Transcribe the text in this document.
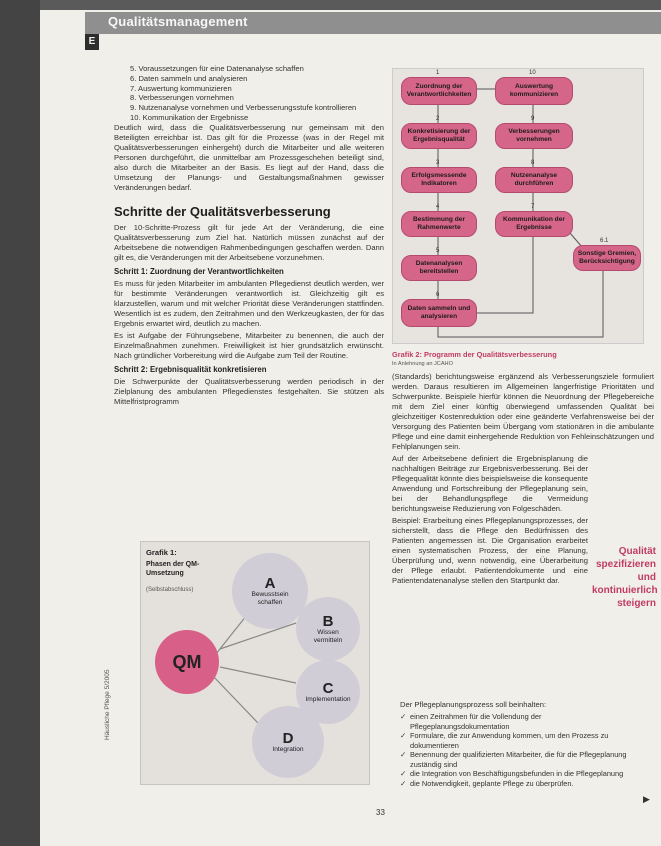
Qualitätsmanagement
E
5. Voraussetzungen für eine Datenanalyse schaffen
6. Daten sammeln und analysieren
7. Auswertung kommunizieren
8. Verbesserungen vornehmen
9. Nutzenanalyse vornehmen und Verbesserungsstufe kontrollieren
10. Kommunikation der Ergebnisse

Deutlich wird, dass die Qualitätsverbesserung nur gemeinsam mit den Beteiligten erreichbar ist. Das gilt für die Prozesse (was in der Regel mit Qualitätsverbesserungen einhergeht) durch die Mitarbeiter und alle weiteren Personen durchgeführt, die unmittelbar am Prozessgeschehen beteiligt sind, also durch die Mitarbeiter an der Basis. Es liegt auf der Hand, dass die Umsetzung der Planungs- und Gestaltungsmaßnahmen gewisser Veränderungen bedarf.

Schritte der Qualitätsverbesserung

Der 10-Schritte-Prozess gilt für jede Art der Veränderung, die eine Qualitätsverbesserung zum Ziel hat. Natürlich müssen zunächst auf der Arbeitsebene die notwendigen Rahmenbedingungen geschaffen werden. Dann gilt es, die Veränderungen mit der Arbeitsebene vorzunehmen.

Schritt 1: Zuordnung der Verantwortlichkeiten

Es muss für jeden Mitarbeiter im ambulanten Pflegedienst deutlich werden, wer für bestimmte Veränderungen verantwortlich ist. Gleichzeitig gilt es klarzustellen, warum und mit welcher Priorität diese Veränderungen stattfinden. Wesentlich ist es zudem, den Zeitrahmen und den Werkzeugkasten, der für das Ergebnis erwartet wird, deutlich zu machen.

Es ist Aufgabe der Führungsebene, Mitarbeiter zu benennen, die auch der Einzelmaßnahmen zunehmen. Freiwilligkeit ist hier grundsätzlich erwünscht. Nach gründlicher Vorbereitung wird die Aufgabe zum Teil der Routine.

Schritt 2: Ergebnisqualität konkretisieren

Die Schwerpunkte der Qualitätsverbesserung werden periodisch in der Zielplanung des ambulanten Pflegedienstes festgehalten. Sie stützen als Mittelfristprogramm

Zuordnung der Verantwortlichkeiten
Konkretisierung der Ergebnisqualität
Erfolgsmessende Indikatoren
Bestimmung der Rahmenwerte
Datenanalysen bereitstellen
Daten sammeln und analysieren
Auswertung kommunizieren
Verbesserungen vornehmen
Nutzenanalyse durchführen
Kommunikation der Ergebnisse
Sonstige Gremien, Berücksichtigung
1
2
3
4
5
6
10
9
8
7
6.1
Grafik 2: Programm der Qualitätsverbesserung
In Anlehnung an JCAHO

(Standards) berichtungsweise ergänzend als Verbesserungsziele formuliert werden. Daraus resultieren im Allgemeinen langerfristige Prioritäten und Schwerpunkte. Beispiele hierfür können die Neuordnung der Pflegebereiche mit dem Ziel einer künftig überwiegend umfassenden Qualität bei gleichzeitiger Kostenreduktion oder eine geänderte Verfahrensweise bei der Versorgung des Patienten beim Übergang vom stationären in die ambulante Pflege und eine damit einhergehende Reduktion von Fehleinschätzungen und Fehlplanungen sein.

Auf der Arbeitsebene definiert die Ergebnisplanung die nachhaltigen Beiträge zur Ergebnisverbesserung. Bei der Pflegequalität könnte dies beispielsweise die konsequente Anwendung und Fortschreibung der Pflegeplanung sein, bei der Behandlungspflege die Vermeidung berichtungsweise Reduzierung von Folgeschäden.

Beispiel: Erarbeitung eines Pflegeplanungsprozesses, der sicherstellt, dass die Pflege den Bedürfnissen des Patienten angemessen ist. Die Organisation erarbeitet einen systematischen Prozess, der eine Planung, Überprüfung und, wenn notwendig, eine Überarbeitung der Pflege erlaubt. Patientendokumente und eine Patientendatenanalyse stellen den Startpunkt dar.

Der Pflegeplanungsprozess soll beinhalten:

✓ einen Zeitrahmen für die Vollendung der Pflegeplanungsdokumentation
✓ Formulare, die zur Anwendung kommen, um den Prozess zu dokumentieren
✓ Benennung der qualifizierten Mitarbeiter, die für die Pflegeplanung zuständig sind
✓ die Integration von Beschäftigungsbefunden in die Pflegeplanung
✓ die Notwendigkeit, geplante Pflege zu überprüfen.
▶
Qualität spezifizieren und kontinuierlich steigern
Grafik 1:
Phasen der QM-Umsetzung
(Selbstabschluss)
QM
A
Bewusstsein schaffen
B
Wissen vermitteln
C
Implementation
D
Integration
Häusliche Pflege 5/2005
33
